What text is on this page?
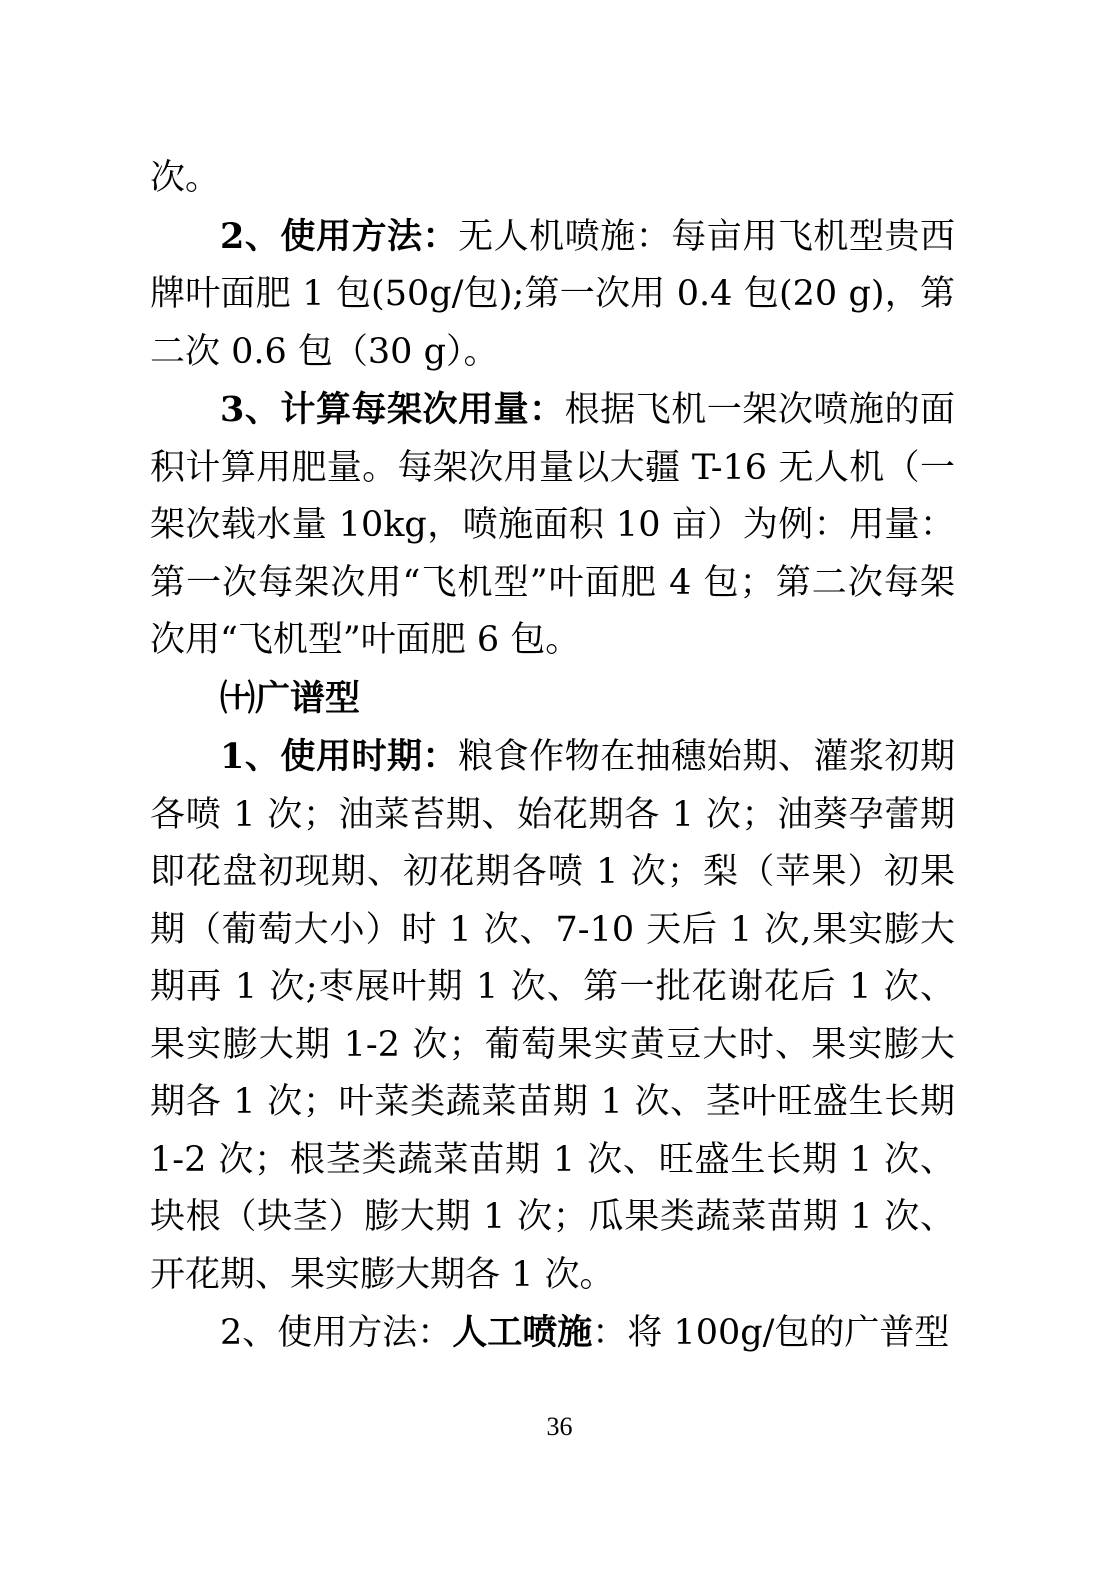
次。

2、使用方法：无人机喷施：每亩用飞机型贵西牌叶面肥 1 包(50g/包);第一次用 0.4 包(20 g)，第二次 0.6 包（30 g）。

3、计算每架次用量：根据飞机一架次喷施的面积计算用肥量。每架次用量以大疆 T-16 无人机（一架次载水量 10kg，喷施面积 10 亩）为例：用量：第一次每架次用“飞机型”叶面肥 4 包；第二次每架次用“飞机型”叶面肥 6 包。

㈩广谱型

1、使用时期：粮食作物在抽穗始期、灌浆初期各喷 1 次；油菜苔期、始花期各 1 次；油葵孕蕾期即花盘初现期、初花期各喷 1 次；梨（苹果）初果期（葡萄大小）时 1 次、7-10 天后 1 次,果实膨大期再 1 次;枣展叶期 1 次、第一批花谢花后 1 次、果实膨大期 1-2 次；葡萄果实黄豆大时、果实膨大期各 1 次；叶菜类蔬菜苗期 1 次、茎叶旺盛生长期 1-2 次；根茎类蔬菜苗期 1 次、旺盛生长期 1 次、块根（块茎）膨大期 1 次；瓜果类蔬菜苗期 1 次、开花期、果实膨大期各 1 次。

2、使用方法：人工喷施：将 100g/包的广普型

36
